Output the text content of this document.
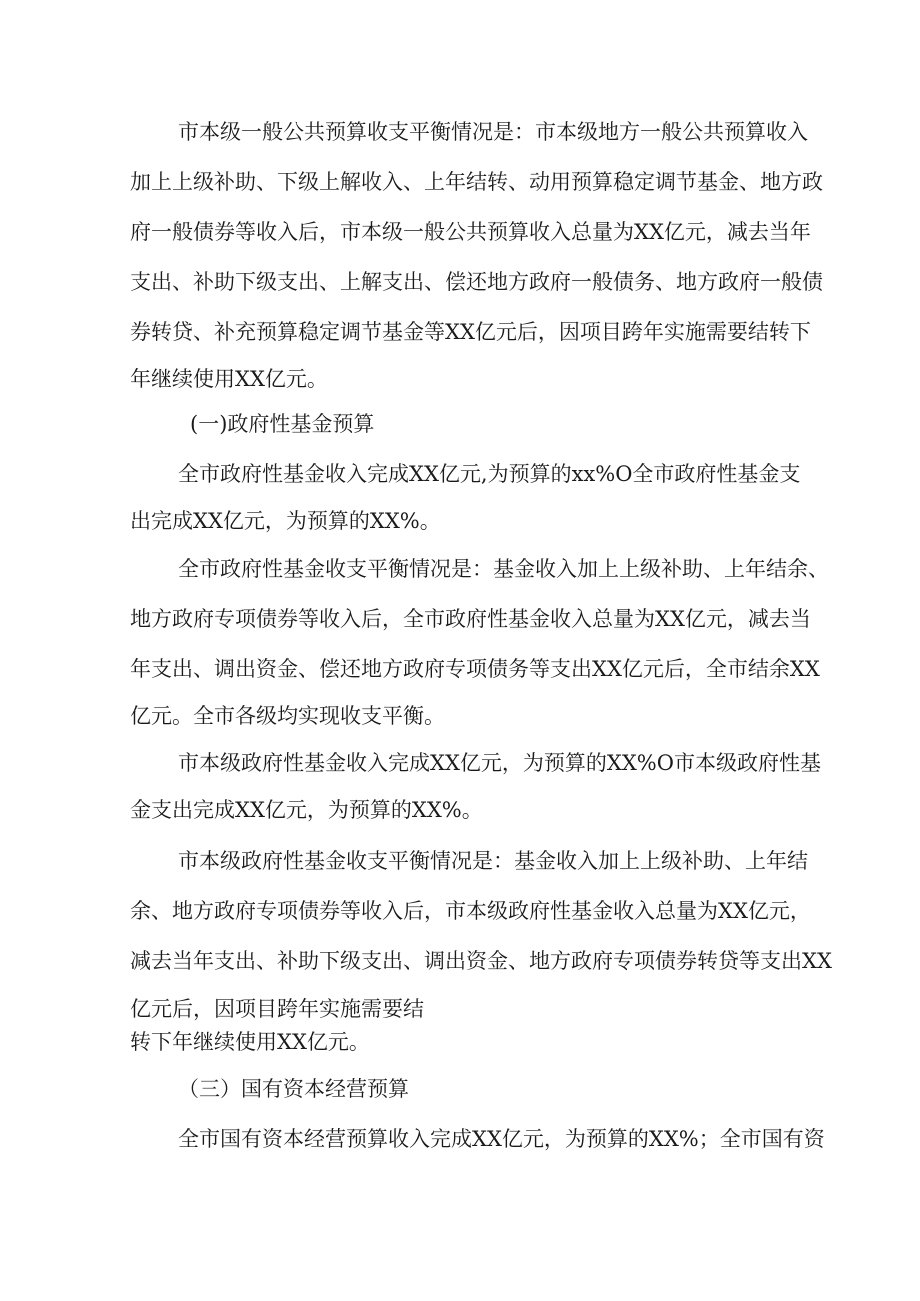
市本级一般公共预算收支平衡情况是：市本级地方一般公共预算收入

加上上级补助、下级上解收入、上年结转、动用预算稳定调节基金、地方政

府一般债券等收入后，市本级一般公共预算收入总量为XX亿元，减去当年

支出、补助下级支出、上解支出、偿还地方政府一般债务、地方政府一般债

券转贷、补充预算稳定调节基金等XX亿元后，因项目跨年实施需要结转下

年继续使用XX亿元。

(一)政府性基金预算

全市政府性基金收入完成XX亿元,为预算的xx%O全市政府性基金支

出完成XX亿元，为预算的XX%。

全市政府性基金收支平衡情况是：基金收入加上上级补助、上年结余、

地方政府专项债券等收入后，全市政府性基金收入总量为XX亿元，减去当

年支出、调出资金、偿还地方政府专项债务等支出XX亿元后，全市结余XX

亿元。全市各级均实现收支平衡。

市本级政府性基金收入完成XX亿元，为预算的XX%O市本级政府性基

金支出完成XX亿元，为预算的XX%。

市本级政府性基金收支平衡情况是：基金收入加上上级补助、上年结

余、地方政府专项债券等收入后，市本级政府性基金收入总量为XX亿元，

减去当年支出、补助下级支出、调出资金、地方政府专项债券转贷等支出XX

亿元后，因项目跨年实施需要结

转下年继续使用XX亿元。

（三）国有资本经营预算

全市国有资本经营预算收入完成XX亿元，为预算的XX%；全市国有资
